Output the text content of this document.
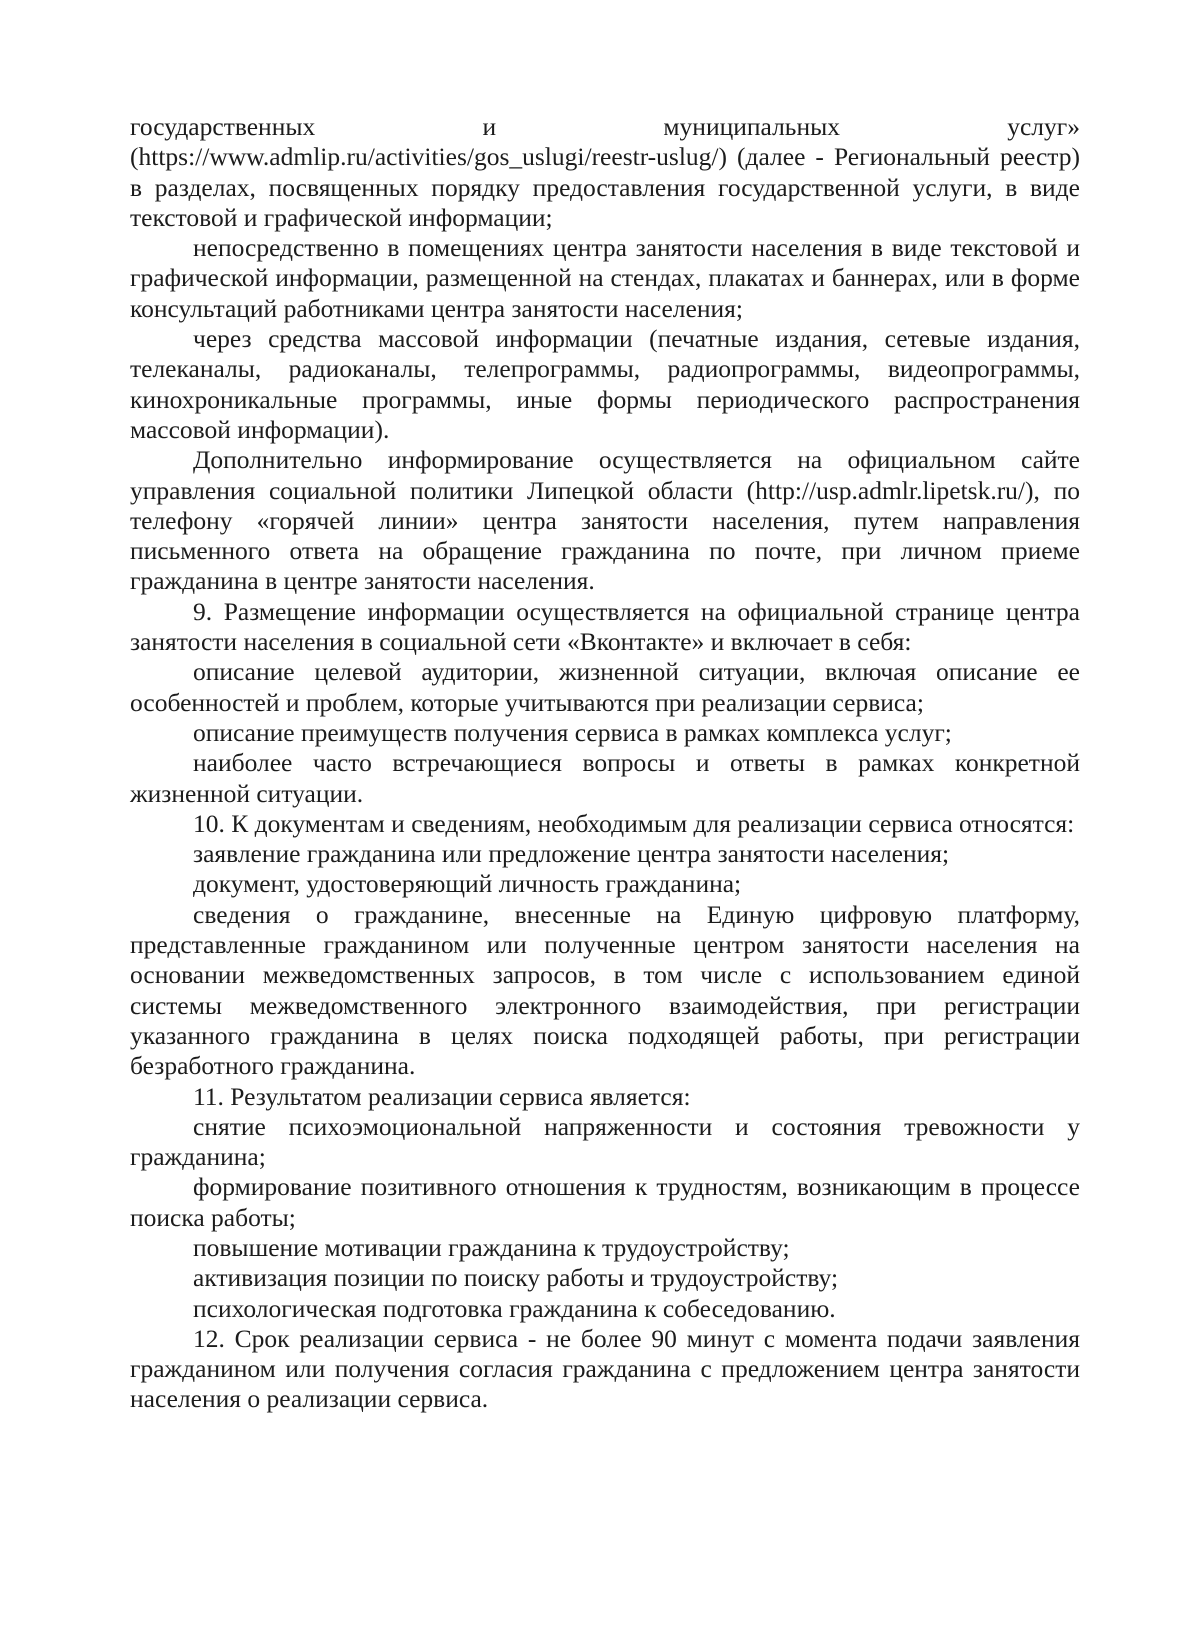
государственных	и	муниципальных	услуг»

(https://www.admlip.ru/activities/gos_uslugi/reestr-uslug/) (далее - Региональный реестр) в разделах, посвященных порядку предоставления государственной услуги, в виде текстовой и графической информации;

непосредственно в помещениях центра занятости населения в виде текстовой и графической информации, размещенной на стендах, плакатах и баннерах, или в форме консультаций работниками центра занятости населения;

через средства массовой информации (печатные издания, сетевые издания, телеканалы, радиоканалы, телепрограммы, радиопрограммы, видеопрограммы, кинохроникальные программы, иные формы периодического распространения массовой информации).

Дополнительно информирование осуществляется на официальном сайте управления социальной политики Липецкой области (http://usp.admlr.lipetsk.ru/), по телефону «горячей линии» центра занятости населения, путем направления письменного ответа на обращение гражданина по почте, при личном приеме гражданина в центре занятости населения.

9. Размещение информации осуществляется на официальной странице центра занятости населения в социальной сети «Вконтакте» и включает в себя:

описание целевой аудитории, жизненной ситуации, включая описание ее особенностей и проблем, которые учитываются при реализации сервиса;

описание преимуществ получения сервиса в рамках комплекса услуг;

наиболее часто встречающиеся вопросы и ответы в рамках конкретной жизненной ситуации.

10. К документам и сведениям, необходимым для реализации сервиса относятся:

заявление гражданина или предложение центра занятости населения;

документ, удостоверяющий личность гражданина;

сведения о гражданине, внесенные на Единую цифровую платформу, представленные гражданином или полученные центром занятости населения на основании межведомственных запросов, в том числе с использованием единой системы межведомственного электронного взаимодействия, при регистрации указанного гражданина в целях поиска подходящей работы, при регистрации безработного гражданина.

11. Результатом реализации сервиса является:

снятие психоэмоциональной напряженности и состояния тревожности у гражданина;

формирование позитивного отношения к трудностям, возникающим в процессе поиска работы;

повышение мотивации гражданина к трудоустройству;

активизация позиции по поиску работы и трудоустройству;

психологическая подготовка гражданина к собеседованию.

12. Срок реализации сервиса - не более 90 минут с момента подачи заявления гражданином или получения согласия гражданина с предложением центра занятости населения о реализации сервиса.
